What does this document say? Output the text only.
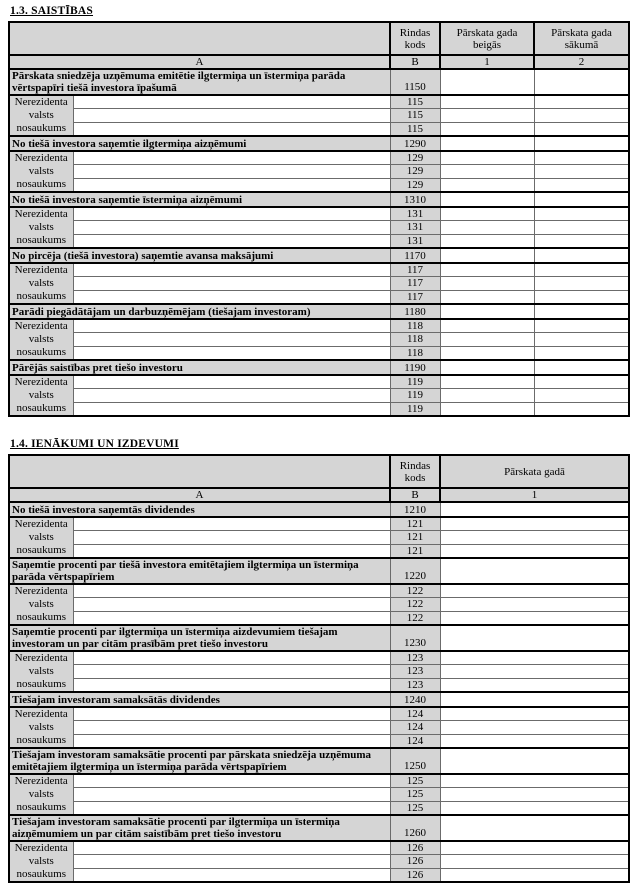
1.3. SAISTĪBAS
		Rindas kods	Pārskata gada beigās	Pārskata gada sākumā
A		B	1	2
Pārskata sniedzēja uzņēmuma emitētie ilgtermiņa un īstermiņa parāda vērtspapīri tiešā investora īpašumā		1150		

Nerezidenta
valsts
nosaukums		115		
		115		
		115		
No tiešā investora saņemtie ilgtermiņa aizņēmumi		1290		

Nerezidenta
valsts
nosaukums		129		
		129		
		129		
No tiešā investora saņemtie īstermiņa aizņēmumi		1310		

Nerezidenta
valsts
nosaukums		131		
		131		
		131		
No pircēja (tiešā investora) saņemtie avansa maksājumi		1170		

Nerezidenta
valsts
nosaukums		117		
		117		
		117		
Parādi piegādātājam un darbuzņēmējam (tiešajam investoram)		1180		

Nerezidenta
valsts
nosaukums		118		
		118		
		118		
Pārējās saistības pret tiešo investoru		1190		

Nerezidenta
valsts
nosaukums		119		
		119		
		119		
1.4. IENĀKUMI UN IZDEVUMI
		Rindas kods	Pārskata gadā
A		B	1
No tiešā investora saņemtās dividendes		1210	

Nerezidenta
valsts
nosaukums		121	
		121	
		121	
Saņemtie procenti par tiešā investora emitētajiem ilgtermiņa un īstermiņa parāda vērtspapīriem		1220	

Nerezidenta
valsts
nosaukums		122	
		122	
		122	
Saņemtie procenti par ilgtermiņa un īstermiņa aizdevumiem tiešajam investoram un par citām prasībām pret tiešo investoru		1230	

Nerezidenta
valsts
nosaukums		123	
		123	
		123	
Tiešajam investoram samaksātās dividendes		1240	

Nerezidenta
valsts
nosaukums		124	
		124	
		124	
Tiešajam investoram samaksātie procenti par pārskata sniedzēja uzņēmuma emitētajiem ilgtermiņa un īstermiņa parāda vērtspapīriem		1250	

Nerezidenta
valsts
nosaukums		125	
		125	
		125	
Tiešajam investoram samaksātie procenti par ilgtermiņa un īstermiņa aizņēmumiem un par citām saistībām pret tiešo investoru		1260	

Nerezidenta
valsts
nosaukums		126	
		126	
		126	
